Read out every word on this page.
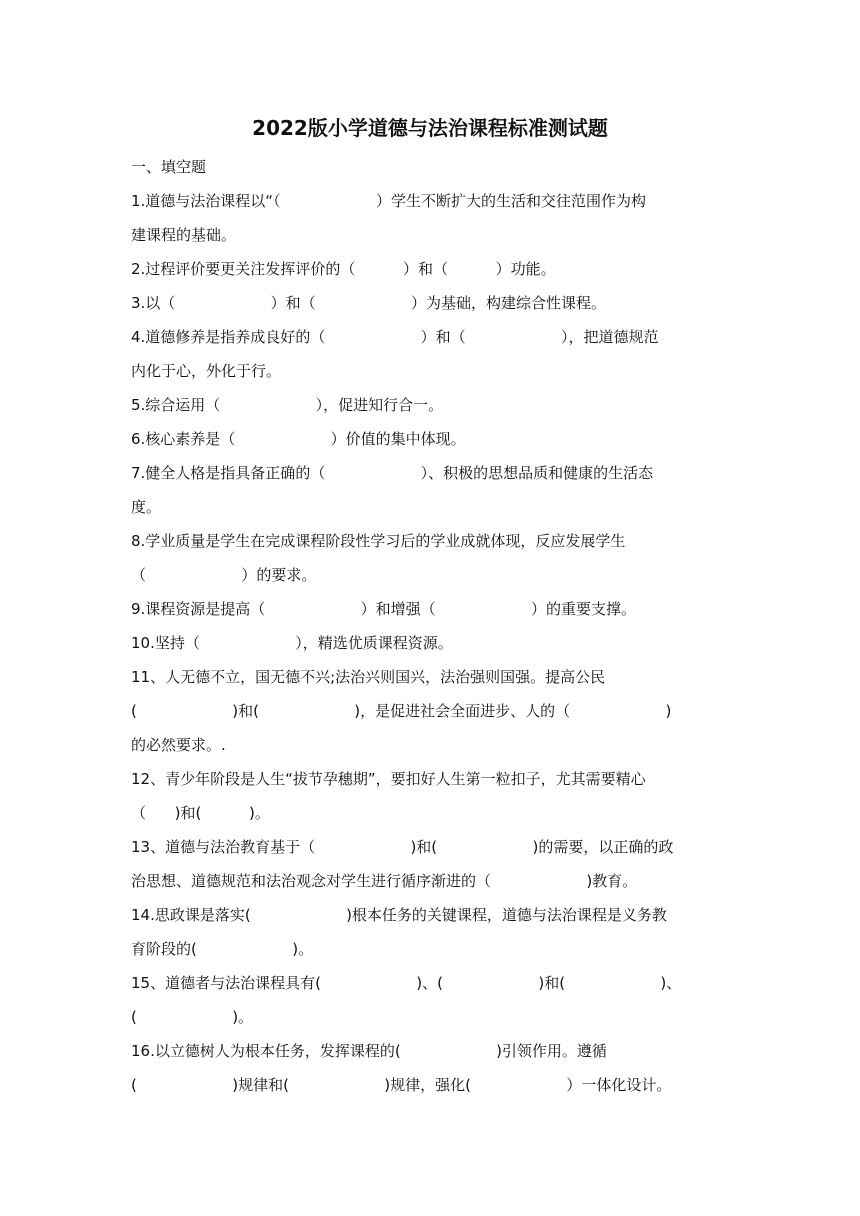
2022版小学道德与法治课程标准测试题

一、填空题

1.道德与法治课程以“（                    ）学生不断扩大的生活和交往范围作为构

建课程的基础。

2.过程评价要更关注发挥评价的（          ）和（          ）功能。

3.以（                    ）和（                    ）为基础，构建综合性课程。

4.道德修养是指养成良好的（                    ）和（                    ），把道德规范

内化于心，外化于行。

5.综合运用（                    ），促进知行合一。

6.核心素养是（                    ）价值的集中体现。

7.健全人格是指具备正确的（                    ）、积极的思想品质和健康的生活态

度。

8.学业质量是学生在完成课程阶段性学习后的学业成就体现，反应发展学生

（                    ）的要求。

9.课程资源是提高（                    ）和增强（                    ）的重要支撑。

10.坚持（                    ），精选优质课程资源。

11、人无德不立，国无德不兴;法治兴则国兴，法治强则国强。提高公民

(                    )和(                    )，是促进社会全面进步、人的（                    )

的必然要求。.

12、青少年阶段是人生“拔节孕穗期”，要扣好人生第一粒扣子，尤其需要精心

（      )和(          )。

13、道德与法治教育基于（                    )和(                    )的需要，以正确的政

治思想、道德规范和法治观念对学生进行循序渐进的（                    )教育。

14.思政课是落实(                    )根本任务的关键课程，道德与法治课程是义务教

育阶段的(                    )。

15、道德者与法治课程具有(                    )、(                    )和(                    )、

(                    )。

16.以立德树人为根本任务，发挥课程的(                    )引领作用。遵循

(                    )规律和(                    )规律，强化(                    ）一体化设计。
